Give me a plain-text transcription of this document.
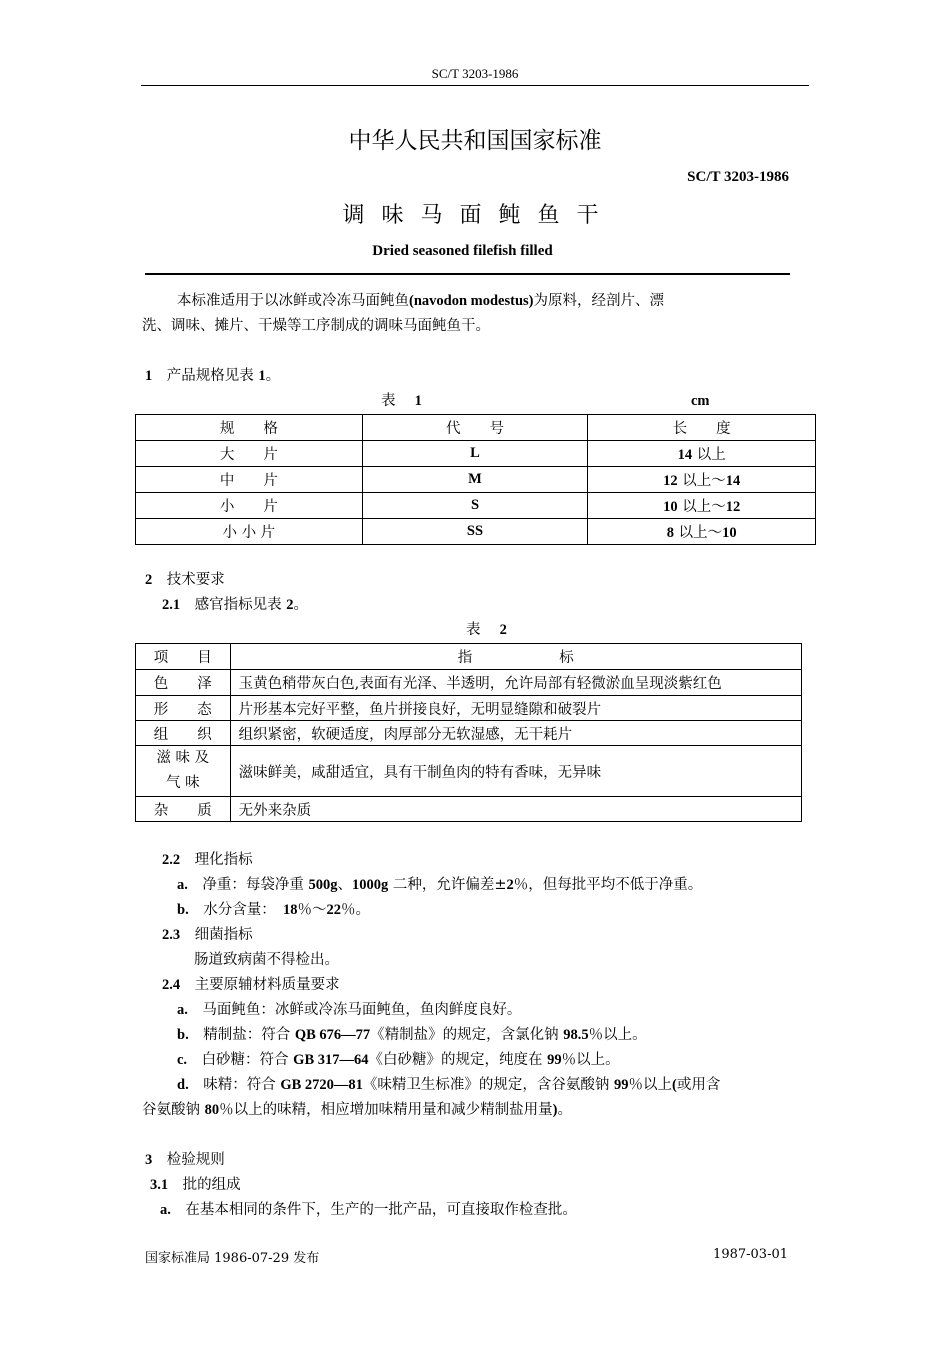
SC/T 3203-1986
中华人民共和国国家标准
SC/T 3203-1986
调味马面鲀鱼干
Dried seasoned filefish filled
本标准适用于以冰鲜或冷冻马面鲀鱼(navodon modestus)为原料，经剖片、漂
洗、调味、摊片、干燥等工序制成的调味马面鲀鱼干。
1　 产品规格见表 1。
表 　1	cm
规　　格	代　　号	长　　度
大　　片	L	14 以上
中　　片	M	12 以上～14
小　　片	S	10 以上～12
小 小 片	SS	8 以上～10
2　 技术要求
2.1　 感官指标见表 2。
表 　2
项　　目	指　　　　　　标
色　　泽	玉黄色稍带灰白色,表面有光泽、半透明，允许局部有轻微淤血呈现淡紫红色
形　　态	片形基本完好平整，鱼片拼接良好，无明显缝隙和破裂片
组　　织	组织紧密，软硬适度，肉厚部分无软湿感，无干耗片

滋 味 及
气 味	滋味鲜美，咸甜适宜，具有干制鱼肉的特有香味，无异味
杂　　质	无外来杂质
2.2　 理化指标
a.　 净重：每袋净重 500g、1000g 二种，允许偏差±2％，但每批平均不低于净重。
b.　 水分含量：　18％～22％。
2.3　 细菌指标
肠道致病菌不得检出。
2.4　 主要原辅材料质量要求
a.　 马面鲀鱼：冰鲜或冷冻马面鲀鱼，鱼肉鲜度良好。
b.　 精制盐：符合 QB 676—77《精制盐》的规定，含氯化钠 98.5％以上。
c.　 白砂糖：符合 GB 317—64《白砂糖》的规定，纯度在 99％以上。
d.　 味精：符合 GB 2720—81《味精卫生标准》的规定，含谷氨酸钠 99％以上(或用含
谷氨酸钠 80％以上的味精，相应增加味精用量和减少精制盐用量)。
3　 检验规则
3.1　 批的组成
a.　 在基本相同的条件下，生产的一批产品，可直接取作检查批。
国家标准局 1986-07-29 发布	1987-03-01
